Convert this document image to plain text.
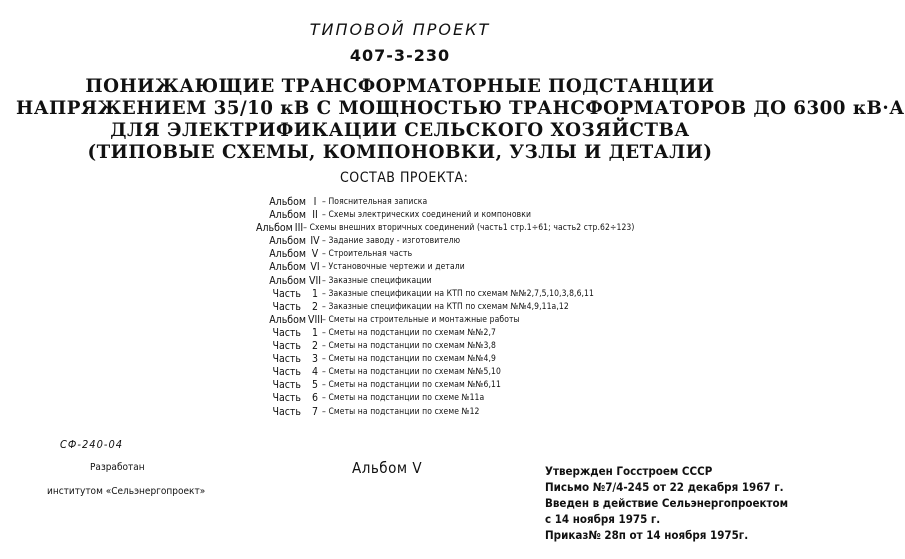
ТИПОВОЙ ПРОЕКТ
407-3-230
ПОНИЖАЮЩИЕ ТРАНСФОРМАТОРНЫЕ ПОДСТАНЦИИ
НАПРЯЖЕНИЕМ 35/10 кВ С МОЩНОСТЬЮ ТРАНСФОРМАТОРОВ ДО 6300 кВ·А
ДЛЯ ЭЛЕКТРИФИКАЦИИ СЕЛЬСКОГО ХОЗЯЙСТВА
(ТИПОВЫЕ СХЕМЫ, КОМПОНОВКИ, УЗЛЫ И ДЕТАЛИ)
СОСТАВ ПРОЕКТА:
Альбом I – Пояснительная записка
Альбом II – Схемы электрических соединений и компоновки
Альбом III – Схемы внешних вторичных соединений (часть1 стр.1÷61; часть2 стр.62÷123)
Альбом IV – Задание заводу - изготовителю
Альбом V – Строительная часть
Альбом VI – Установочные чертежи и детали
Альбом VII – Заказные спецификации
Часть	1 – Заказные спецификации на КТП по схемам №№2,7,5,10,3,8,6,11
Часть	2 – Заказные спецификации на КТП по схемам №№4,9,11а,12
Альбом VIII – Сметы на строительные и монтажные работы
Часть	1 – Сметы на подстанции по схемам №№2,7
Часть	2 – Сметы на подстанции по схемам №№3,8
Часть	3 – Сметы на подстанции по схемам №№4,9
Часть	4 – Сметы на подстанции по схемам №№5,10
Часть	5 – Сметы на подстанции по схемам №№6,11
Часть	6 – Сметы на подстанции по схеме №11а
Часть	7 – Сметы на подстанции по схеме №12
СФ-240-04
Разработан
институтом «Сельэнергопроект»
Альбом V	Утвержден Госстроем СССР
Письмо №7/4-245 от 22 декабря 1967 г.
Введен в действие Сельэнергопроектом
с 14 ноября 1975 г.
Приказ№ 28п от 14 ноября 1975г.
